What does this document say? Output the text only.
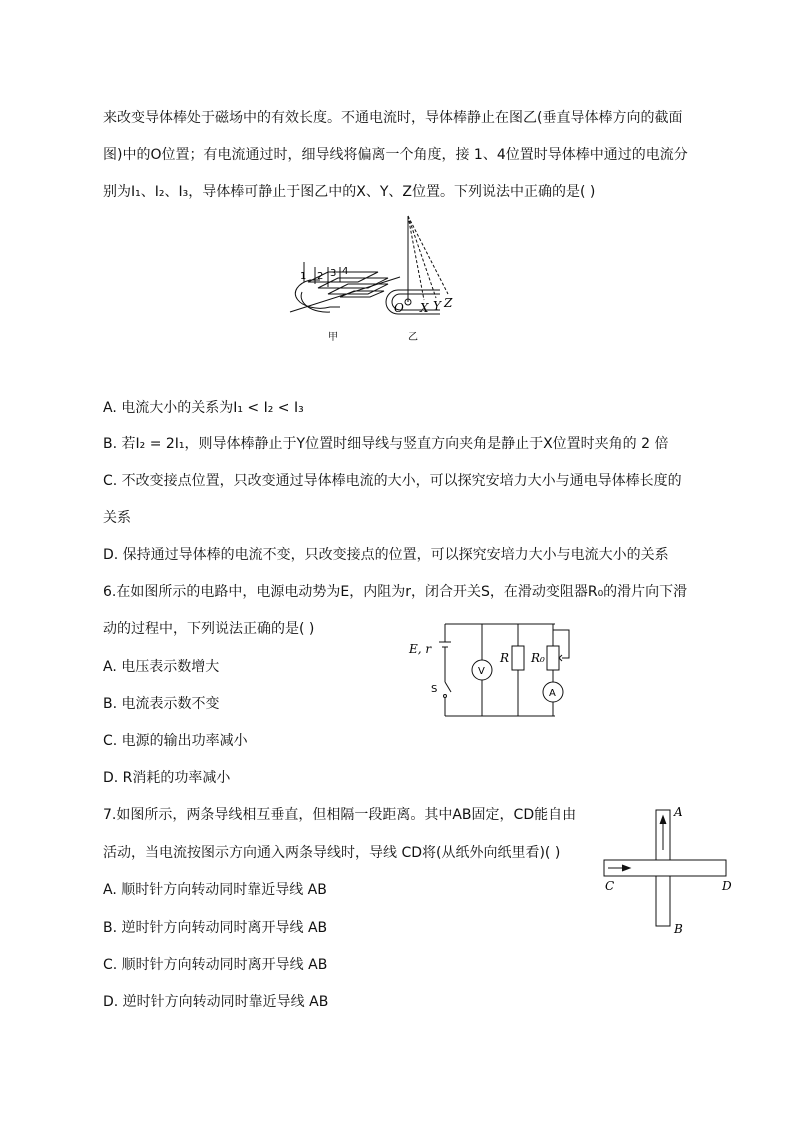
来改变导体棒处于磁场中的有效长度。不通电流时，导体棒静止在图乙(垂直导体棒方向的截面
图)中的O位置；有电流通过时，细导线将偏离一个角度，接 1、4位置时导体棒中通过的电流分
别为I₁、I₂、I₃，导体棒可静止于图乙中的X、Y、Z位置。下列说法中正确的是( )
1 2 3 4
甲
O X Y Z
乙
A. 电流大小的关系为I₁ < I₂ < I₃
B. 若I₂ = 2I₁，则导体棒静止于Y位置时细导线与竖直方向夹角是静止于X位置时夹角的 2 倍
C. 不改变接点位置，只改变通过导体棒电流的大小，可以探究安培力大小与通电导体棒长度的
关系
D. 保持通过导体棒的电流不变，只改变接点的位置，可以探究安培力大小与电流大小的关系
6.在如图所示的电路中，电源电动势为E，内阻为r，闭合开关S，在滑动变阻器R₀的滑片向下滑
动的过程中，下列说法正确的是( )
A. 电压表示数增大
B. 电流表示数不变
C. 电源的输出功率减小
D. R消耗的功率减小
E, r
S
V
R R₀
A
7.如图所示，两条导线相互垂直，但相隔一段距离。其中AB固定，CD能自由
活动，当电流按图示方向通入两条导线时，导线 CD将(从纸外向纸里看)( )
A. 顺时针方向转动同时靠近导线 AB
B. 逆时针方向转动同时离开导线 AB
C. 顺时针方向转动同时离开导线 AB
D. 逆时针方向转动同时靠近导线 AB
A
B
C	D
